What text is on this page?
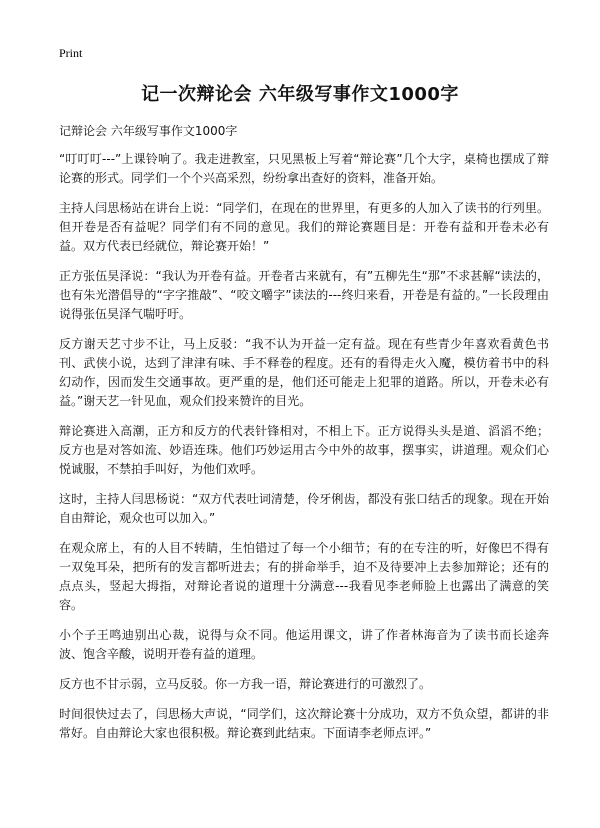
Print
记一次辩论会 六年级写事作文1000字
记辩论会 六年级写事作文1000字

“叮叮叮---”上课铃响了。我走进教室，只见黑板上写着“辩论赛”几个大字，桌椅也摆成了辩论赛的形式。同学们一个个兴高采烈，纷纷拿出查好的资料，准备开始。

主持人闫思杨站在讲台上说：“同学们，在现在的世界里，有更多的人加入了读书的行列里。但开卷是否有益呢？同学们有不同的意见。我们的辩论赛题目是：开卷有益和开卷未必有益。双方代表已经就位，辩论赛开始！”

正方张伍昊泽说：“我认为开卷有益。开卷者古来就有，有”五柳先生“那”不求甚解“读法的，也有朱光潜倡导的“字字推敲”、“咬文嚼字”读法的---终归来看，开卷是有益的。”一长段理由说得张伍昊泽气喘吁吁。

反方谢天艺寸步不让，马上反驳：“我不认为开益一定有益。现在有些青少年喜欢看黄色书刊、武侠小说，达到了津津有味、手不释卷的程度。还有的看得走火入魔，模仿着书中的科幻动作，因而发生交通事故。更严重的是，他们还可能走上犯罪的道路。所以，开卷未必有益。”谢天艺一针见血，观众们投来赞许的目光。

辩论赛进入高潮，正方和反方的代表针锋相对，不相上下。正方说得头头是道、滔滔不绝；反方也是对答如流、妙语连珠。他们巧妙运用古今中外的故事，摆事实，讲道理。观众们心悦诚服，不禁拍手叫好，为他们欢呼。

这时，主持人闫思杨说：“双方代表吐词清楚，伶牙俐齿，都没有张口结舌的现象。现在开始自由辩论，观众也可以加入。”

在观众席上，有的人目不转睛，生怕错过了每一个小细节；有的在专注的听，好像巴不得有一双兔耳朵，把所有的发言都听进去；有的拼命举手，迫不及待要冲上去参加辩论；还有的点点头，竖起大拇指，对辩论者说的道理十分满意---我看见李老师脸上也露出了满意的笑容。

小个子王鸣迪别出心裁，说得与众不同。他运用课文，讲了作者林海音为了读书而长途奔波、饱含辛酸，说明开卷有益的道理。

反方也不甘示弱，立马反驳。你一方我一语，辩论赛进行的可激烈了。

时间很快过去了，闫思杨大声说，“同学们，这次辩论赛十分成功，双方不负众望，都讲的非常好。自由辩论大家也很积极。辩论赛到此结束。下面请李老师点评。”
